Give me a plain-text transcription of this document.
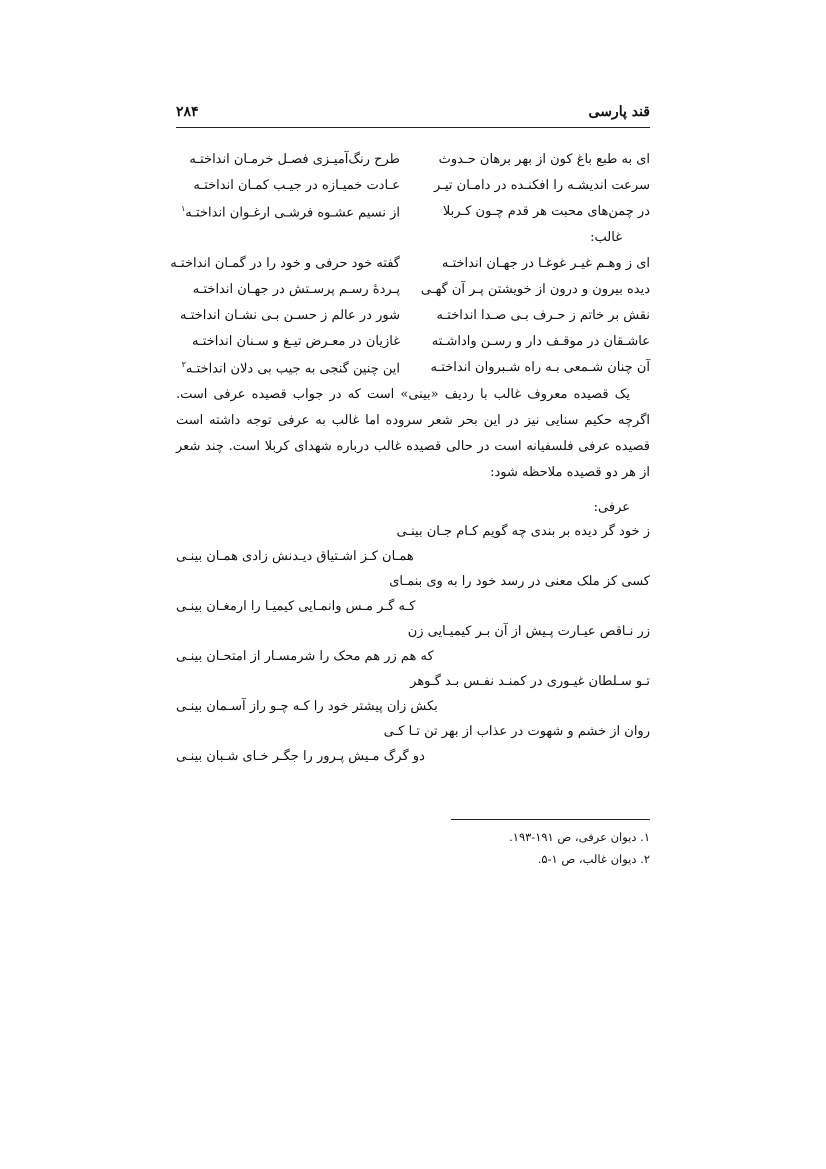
قند پارسی
۲۸۴
ای به طبع باغ کون از بهر برهان حـدوث
طرح رنگ‌آمیـزی فصـل خرمـان انداختـه
سرعت اندیشـه را افکنـده در دامـان تیـر
عـادت خمیـازه در جیـب کمـان انداختـه
در چمن‌های محبت هر قدم چـون کـربلا
از نسیم عشـوه فرشـی ارغـوان انداختـه$^۱$
غالب:
ای ز وهـم غیـر غوغـا در جهـان انداختـه
گفته خود حرفی و خود را در گمـان انداختـه
دیده بیرون و درون از خویشتن پـر آن گهـی
پـردهٔ رسـم پرسـتش در جهـان انداختـه
نقش بر خاتم ز حـرف بـی صـدا انداختـه
شور در عالم ز حسـن بـی نشـان انداختـه
عاشـقان در موقـف دار و رسـن واداشـته
غازیان در معـرض تیـغ و سـنان انداختـه
آن چنان شـمعی بـه راه شـبروان انداختـه
این چنین گنجی به جیب بی دلان انداختـه$^۲$

یک قصیده معروف غالب با ردیف «بینی» است که در جواب قصیده عرفی است. اگرچه حکیم سنایی نیز در این بحر شعر سروده اما غالب به عرفی توجه داشته است قصیده عرفی فلسفیانه است در حالی قصیده غالب درباره شهدای کربلا است. چند شعر از هر دو قصیده ملاحظه شود:

عرفی:
ز خود گر دیده بر بندی چه گویم کـام جـان بینـی
همـان کـز اشـتیاق دیـدنش زادی همـان بینـی
کسی کز ملک معنی در رسد خود را به وی بنمـای
کـه گـر مـس وانمـایی کیمیـا را ارمغـان بینـی
زر نـاقص عیـارت پـیش از آن بـر کیمیـایی زن
که هم زر هم محک را شرمسـار از امتحـان بینـی
تـو سـلطان غیـوری در کمنـد نفـس بـد گـوهر
بکش زان پیشتر خود را کـه چـو راز آسـمان بینـی
روان از خشم و شهوت در عذاب از بهر تن تـا کـی
دو گرگ مـیش پـرور را جگـر خـای شـبان بینـی
۱. دیوان عرفی، ص ۱۹۱-۱۹۳.
۲. دیوان غالب، ص ۱-۵.
